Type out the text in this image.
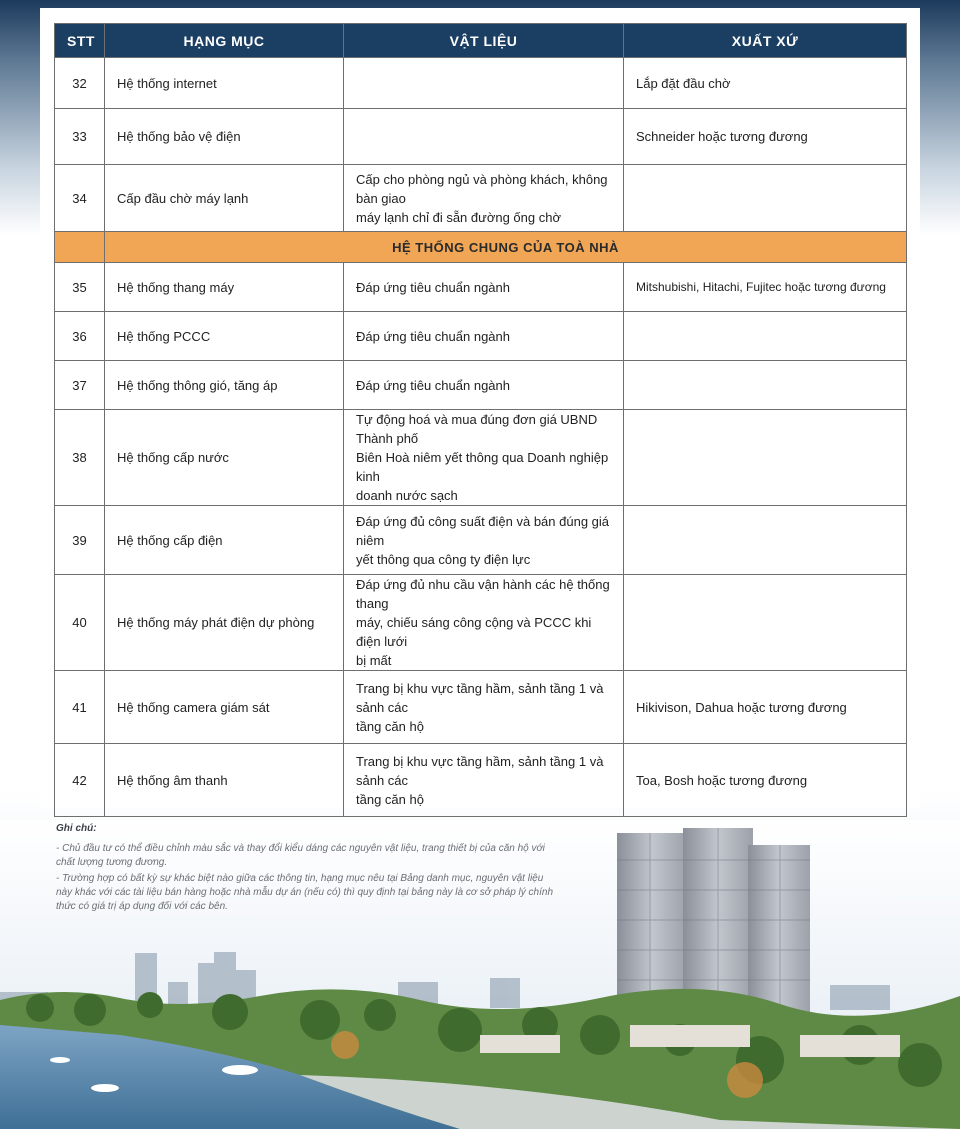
STT	HẠNG MỤC	VẬT LIỆU	XUẤT XỨ
32	Hệ thống internet		Lắp đặt đầu chờ
33	Hệ thống bảo vệ điện		Schneider hoặc tương đương
34	Cấp đầu chờ máy lạnh	Cấp cho phòng ngủ và phòng khách, không bàn giao
máy lạnh chỉ đi sẵn đường ống chờ	

	HỆ THỐNG CHUNG CỦA TOÀ NHÀ		
35	Hệ thống thang máy	Đáp ứng tiêu chuẩn ngành	Mitshubishi, Hitachi, Fujitec hoặc tương đương
36	Hệ thống PCCC	Đáp ứng tiêu chuẩn ngành	
37	Hệ thống thông gió, tăng áp	Đáp ứng tiêu chuẩn ngành	
38	Hệ thống cấp nước	Tự động hoá và mua đúng đơn giá UBND Thành phố
Biên Hoà niêm yết thông qua Doanh nghiệp kinh
doanh nước sạch	

39	Hệ thống cấp điện	Đáp ứng đủ công suất điện và bán đúng giá niêm
yết thông qua công ty điện lực	

40	Hệ thống máy phát điện dự phòng	Đáp ứng đủ nhu cầu vận hành các hệ thống thang
máy, chiếu sáng công cộng và PCCC khi điện lưới
bị mất	

41	Hệ thống camera giám sát	Trang bị khu vực tầng hầm, sảnh tầng 1 và sảnh các
tầng căn hộ	Hikivison, Dahua hoặc tương đương
42	Hệ thống âm thanh	Trang bị khu vực tầng hầm, sảnh tầng 1 và sảnh các
tầng căn hộ	Toa, Bosh hoặc tương đương
Ghi chú:

- Chủ đầu tư có thể điều chỉnh màu sắc và thay đổi kiểu dáng các nguyên vật liệu, trang thiết bị của căn hộ với chất lượng tương đương.

- Trường hợp có bất kỳ sự khác biệt nào giữa các thông tin, hạng mục nêu tại Bảng danh mục, nguyên vật liệu này khác với các tài liệu bán hàng hoặc nhà mẫu dự án (nếu có) thì quy định tại bảng này là cơ sở pháp lý chính thức có giá trị áp dụng đối với các bên.
